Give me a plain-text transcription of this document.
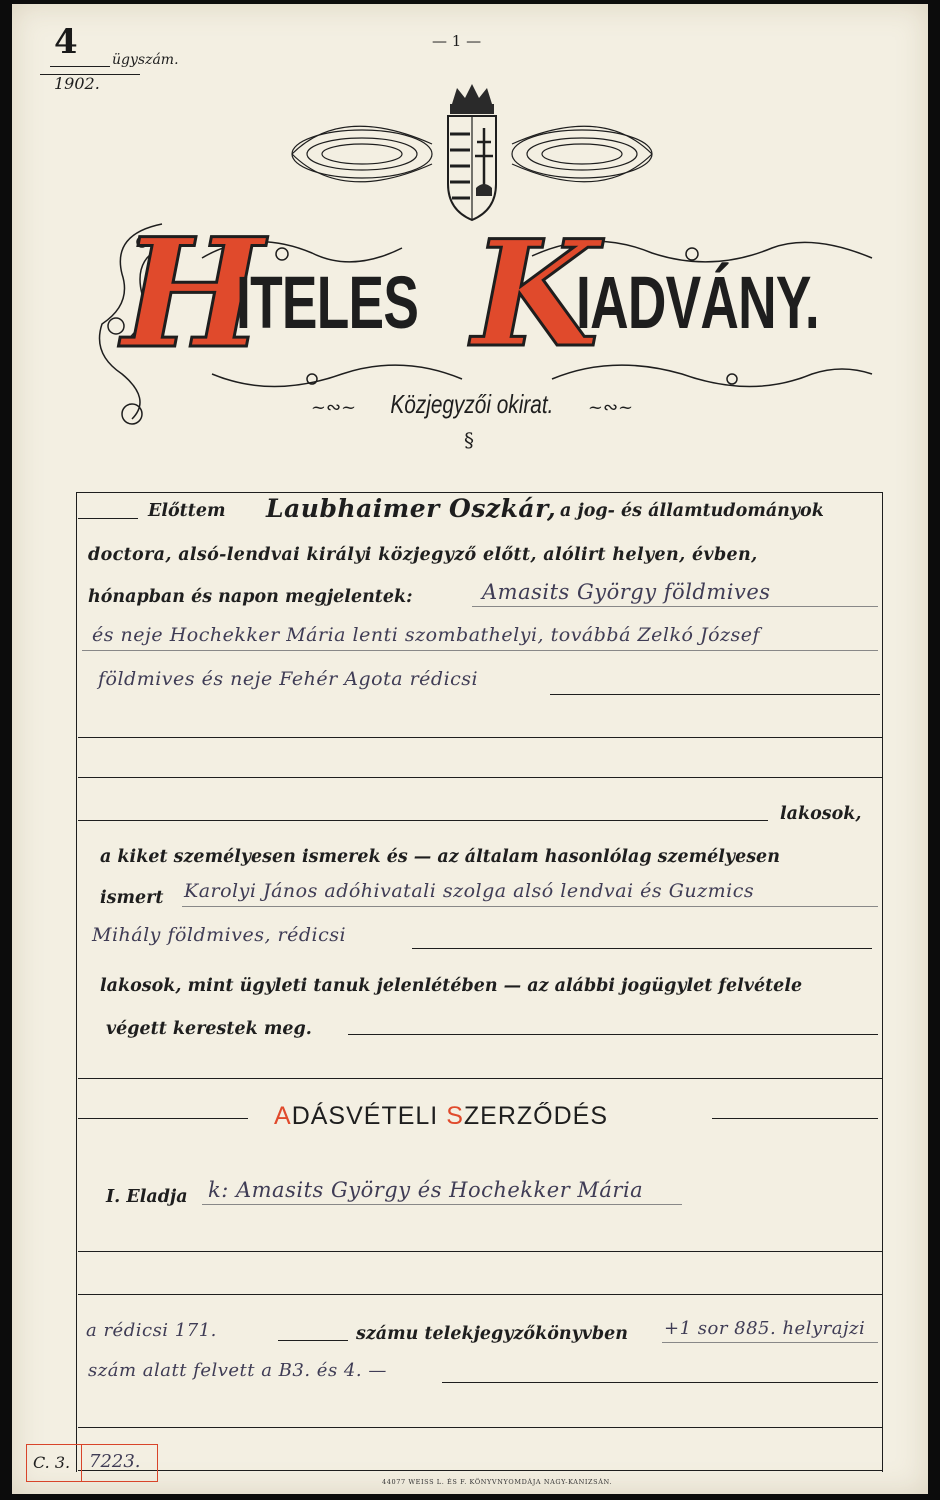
4 ügyszám.
1902.
— 1 —
H
ITELES K
IADVÁNY.
~∾~ Közjegyzői okirat. ~∾~
§
Előttem Laubhaimer Oszkár, a jog- és államtudományok
doctora, alsó-lendvai királyi közjegyző előtt, alólirt helyen, évben,
hónapban és napon megjelentek:	Amasits György földmives
és neje Hochekker Mária lenti szombathelyi, továbbá Zelkó József
földmives és neje Fehér Agota rédicsi
lakosok,
a kiket személyesen ismerek és — az általam hasonlólag személyesen
ismert Karolyi János adóhivatali szolga alsó lendvai és Guzmics
Mihály földmives, rédicsi
lakosok, mint ügyleti tanuk jelenlétében — az alábbi jogügylet felvétele
végett kerestek meg.
ADÁSVÉTELI SZERZŐDÉS
I. Eladja k: Amasits György és Hochekker Mária
a rédicsi 171.	számu telekjegyzőkönyvben +1 sor 885. helyrajzi
szám alatt felvett a B3. és 4. —
C. 3. 7223.
44077 WEISS L. ÉS F. KÖNYVNYOMDÁJA NAGY-KANIZSÁN.
